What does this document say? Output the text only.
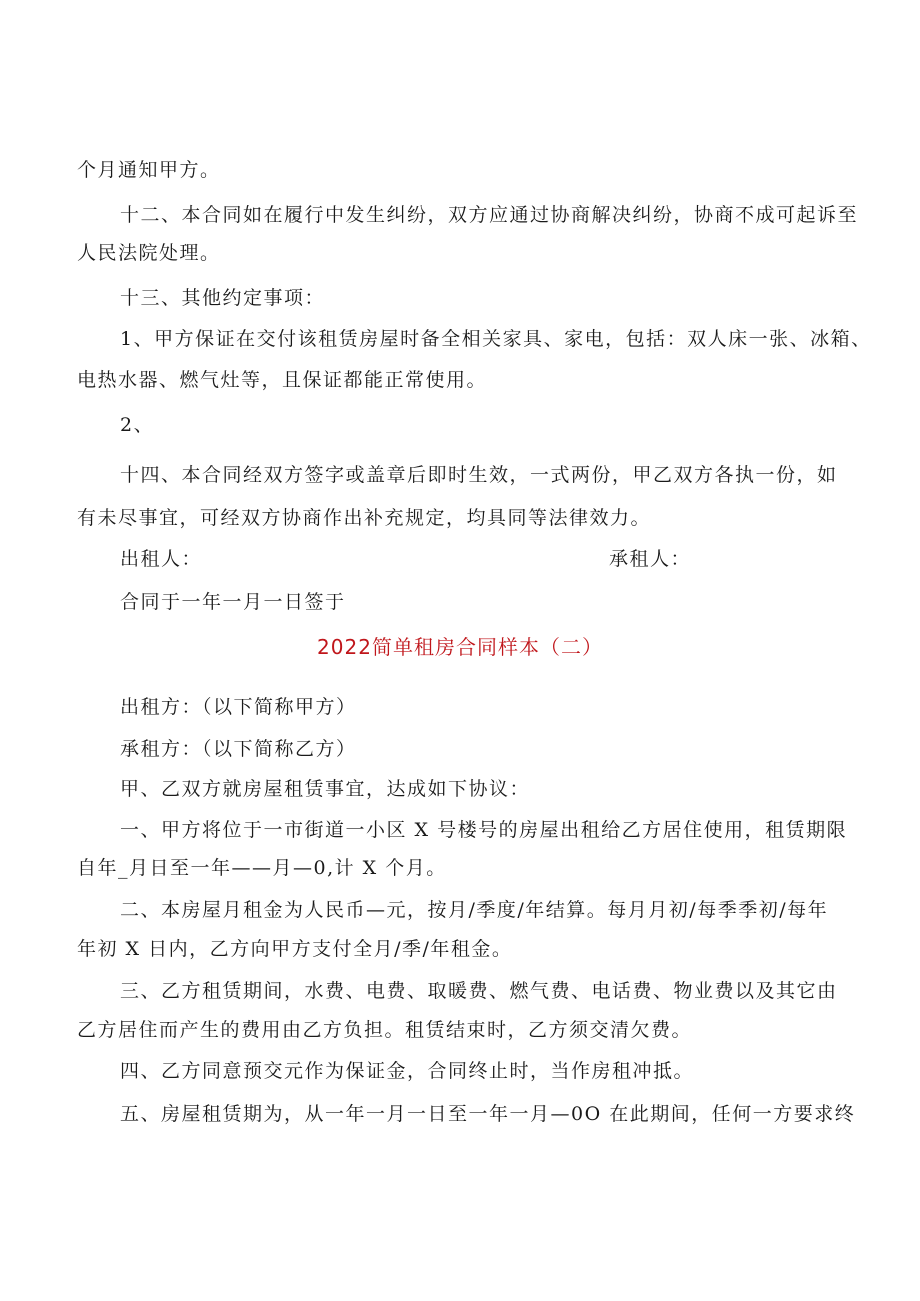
个月通知甲方。
十二、本合同如在履行中发生纠纷，双方应通过协商解决纠纷，协商不成可起诉至
人民法院处理。
十三、其他约定事项：
1、甲方保证在交付该租赁房屋时备全相关家具、家电，包括：双人床一张、冰箱、
电热水器、燃气灶等，且保证都能正常使用。
2、
十四、本合同经双方签字或盖章后即时生效，一式两份，甲乙双方各执一份，如
有未尽事宜，可经双方协商作出补充规定，均具同等法律效力。
出租人：	承租人：
合同于一年一月一日签于
2022简单租房合同样本（二）
出租方：（以下简称甲方）
承租方：（以下简称乙方）
甲、乙双方就房屋租赁事宜，达成如下协议：
一、甲方将位于一市街道一小区 X 号楼号的房屋出租给乙方居住使用，租赁期限
自年_月日至一年——月—0,计 X 个月。
二、本房屋月租金为人民币—元，按月/季度/年结算。每月月初/每季季初/每年
年初 X 日内，乙方向甲方支付全月/季/年租金。
三、乙方租赁期间，水费、电费、取暖费、燃气费、电话费、物业费以及其它由
乙方居住而产生的费用由乙方负担。租赁结束时，乙方须交清欠费。
四、乙方同意预交元作为保证金，合同终止时，当作房租冲抵。
五、房屋租赁期为，从一年一月一日至一年一月—0O 在此期间，任何一方要求终
